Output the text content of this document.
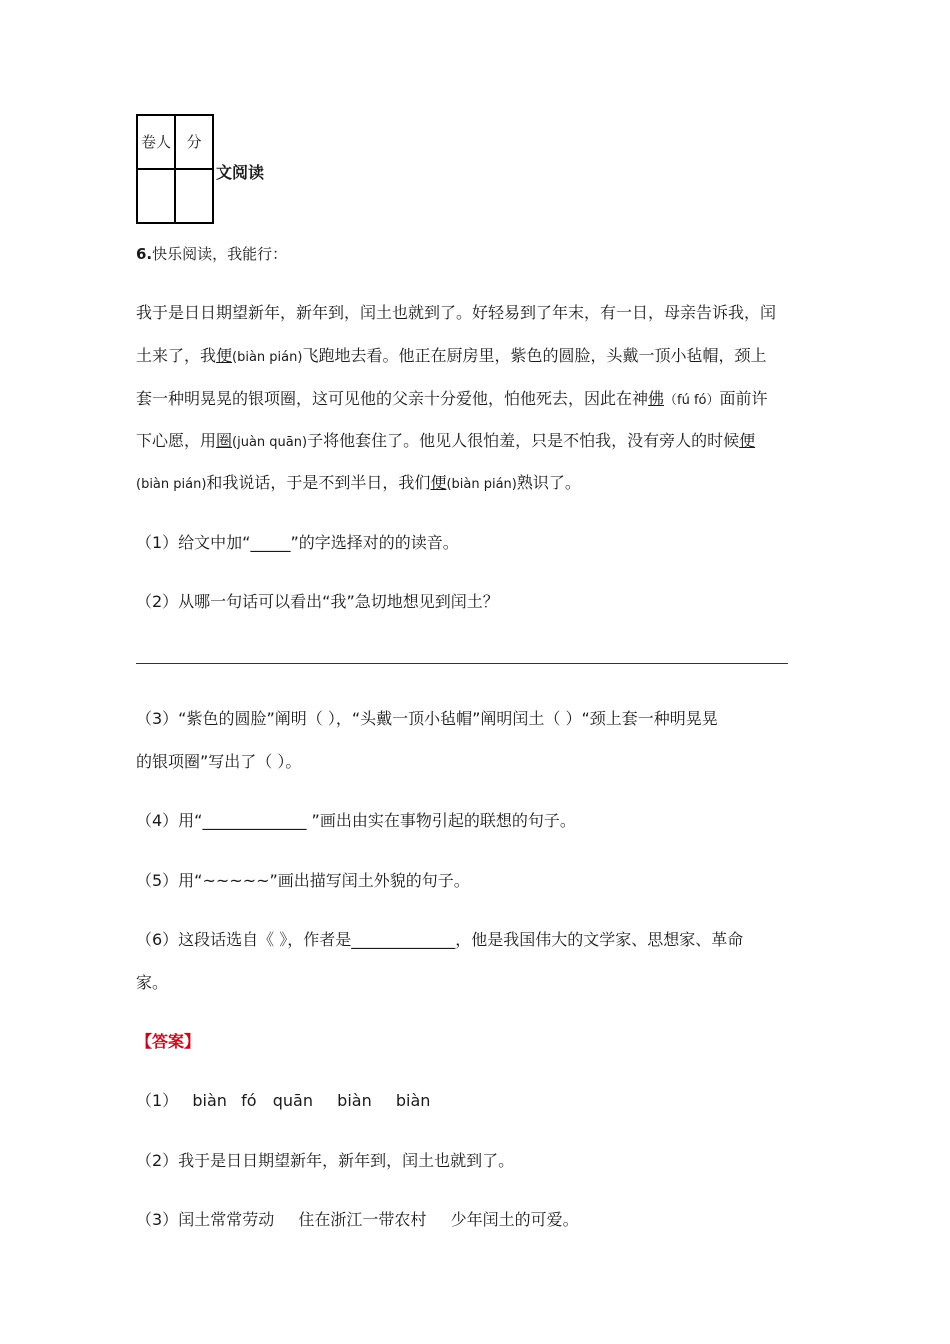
卷人	分

文阅读
6.快乐阅读，我能行：
我于是日日期望新年，新年到，闰土也就到了。好轻易到了年末，有一日，母亲告诉我，闰
土来了，我便(biàn pián)飞跑地去看。他正在厨房里，紫色的圆脸，头戴一顶小毡帽，颈上
套一种明晃晃的银项圈，这可见他的父亲十分爱他，怕他死去，因此在神佛（fú fó）面前许
下心愿，用圈(juàn quān)子将他套住了。他见人很怕羞，只是不怕我，没有旁人的时候便
(biàn pián)和我说话，于是不到半日，我们便(biàn pián)熟识了。
（1）给文中加“_____”的字选择对的的读音。
（2）从哪一句话可以看出“我”急切地想见到闰土？
（3）“紫色的圆脸”阐明（ ），“头戴一顶小毡帽”阐明闰土（ ）“颈上套一种明晃晃
的银项圈”写出了（ ）。
（4）用“_____________ ”画出由实在事物引起的联想的句子。
（5）用“~~~~~”画出描写闰土外貌的句子。
（6）这段话选自《 》，作者是_____________，他是我国伟大的文学家、思想家、革命
家。
【答案】
（1） biàn fó quān biàn biàn
（2）我于是日日期望新年，新年到，闰土也就到了。
（3）闰土常常劳动 住在浙江一带农村 少年闰土的可爱。
